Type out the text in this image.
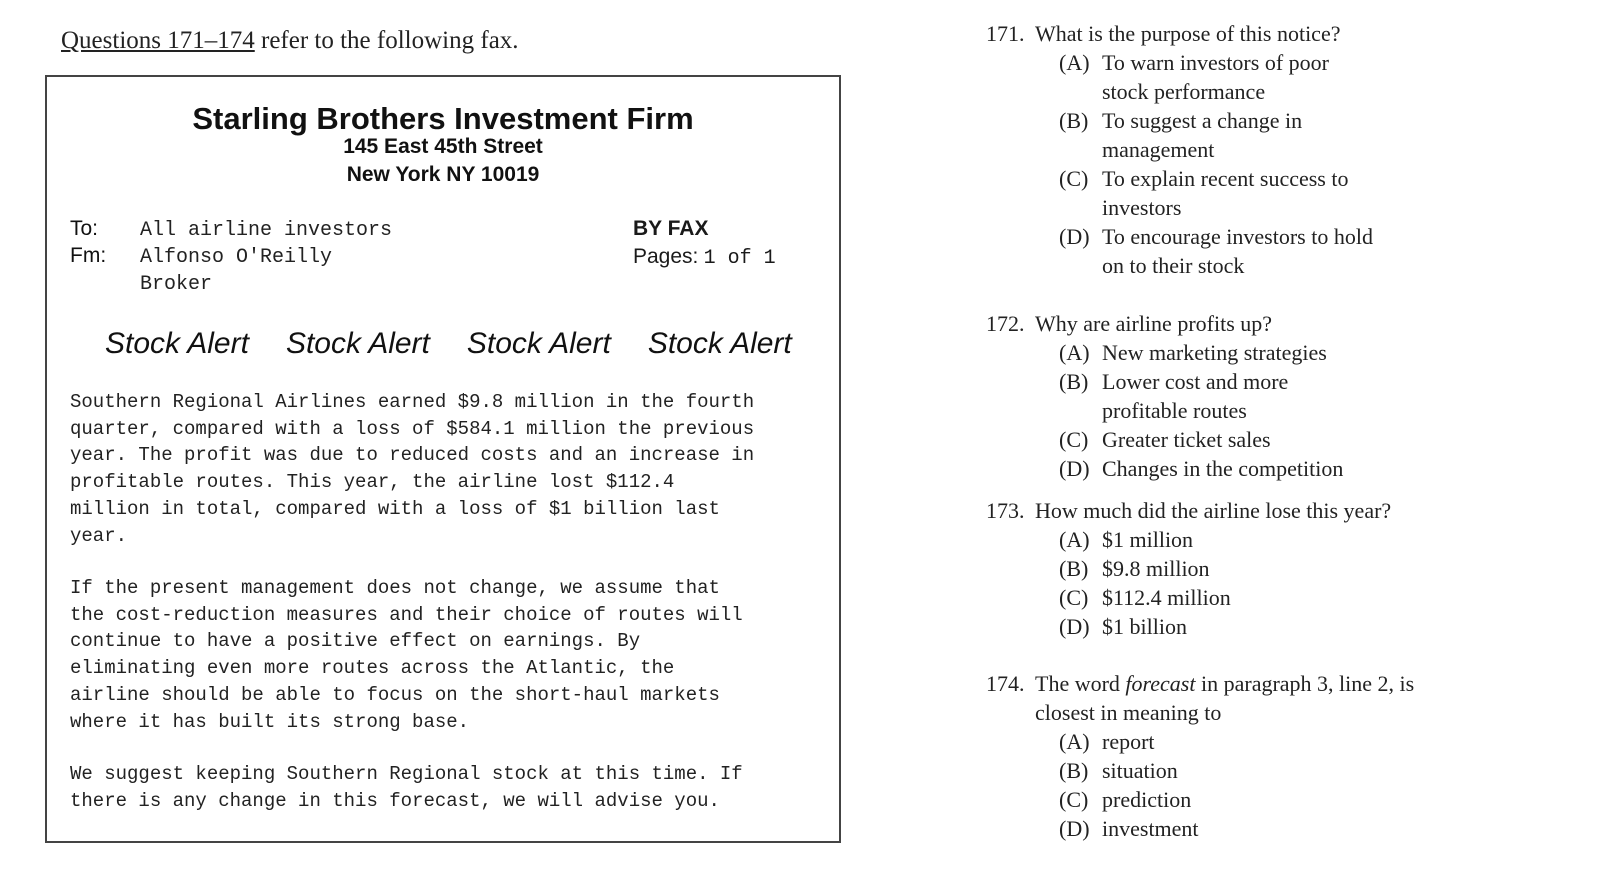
Questions 171–174 refer to the following fax.
Starling Brothers Investment Firm
145 East 45th Street
New York NY 10019
To: All airline investors
Fm: Alfonso O'Reilly
Broker
BY FAX
Pages: 1 of 1
Stock Alert Stock Alert Stock Alert Stock Alert
Southern Regional Airlines earned $9.8 million in the fourth
quarter, compared with a loss of $584.1 million the previous
year. The profit was due to reduced costs and an increase in
profitable routes. This year, the airline lost $112.4
million in total, compared with a loss of $1 billion last
year.
If the present management does not change, we assume that
the cost-reduction measures and their choice of routes will
continue to have a positive effect on earnings. By
eliminating even more routes across the Atlantic, the
airline should be able to focus on the short-haul markets
where it has built its strong base.
We suggest keeping Southern Regional stock at this time. If
there is any change in this forecast, we will advise you.
171. What is the purpose of this notice?
(A) To warn investors of poor stock performance
(B) To suggest a change in management
(C) To explain recent success to investors
(D) To encourage investors to hold on to their stock
172. Why are airline profits up?
(A) New marketing strategies
(B) Lower cost and more profitable routes
(C) Greater ticket sales
(D) Changes in the competition
173. How much did the airline lose this year?
(A) $1 million
(B) $9.8 million
(C) $112.4 million
(D) $1 billion
174. The word forecast in paragraph 3, line 2, is closest in meaning to
(A) report
(B) situation
(C) prediction
(D) investment
